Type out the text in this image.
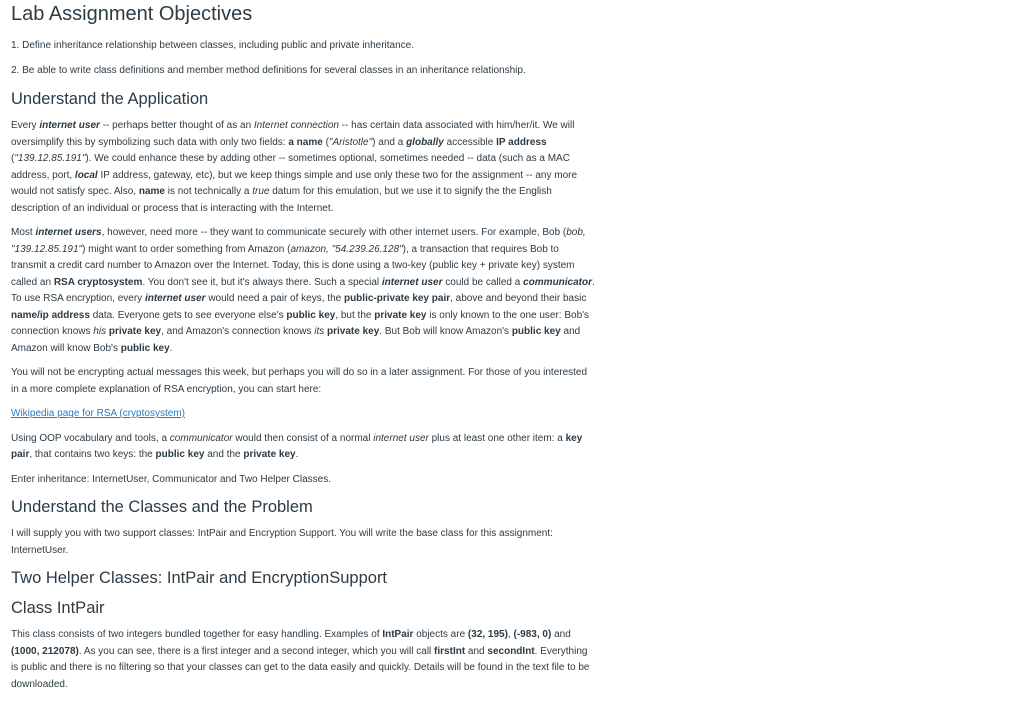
Lab Assignment Objectives

1. Define inheritance relationship between classes, including public and private inheritance.

2. Be able to write class definitions and member method definitions for several classes in an inheritance relationship.

Understand the Application

Every internet user -- perhaps better thought of as an Internet connection -- has certain data associated with him/her/it. We will oversimplify this by symbolizing such data with only two fields: a name ("Aristotle") and a globally accessible IP address ("139.12.85.191"). We could enhance these by adding other -- sometimes optional, sometimes needed -- data (such as a MAC address, port, local IP address, gateway, etc), but we keep things simple and use only these two for the assignment -- any more would not satisfy spec. Also, name is not technically a true datum for this emulation, but we use it to signify the the English description of an individual or process that is interacting with the Internet.

Most internet users, however, need more -- they want to communicate securely with other internet users. For example, Bob (bob, "139.12.85.191") might want to order something from Amazon (amazon, "54.239.26.128"), a transaction that requires Bob to transmit a credit card number to Amazon over the Internet. Today, this is done using a two-key (public key + private key) system called an RSA cryptosystem. You don't see it, but it's always there. Such a special internet user could be called a communicator. To use RSA encryption, every internet user would need a pair of keys, the public-private key pair, above and beyond their basic name/ip address data. Everyone gets to see everyone else's public key, but the private key is only known to the one user: Bob's connection knows his private key, and Amazon's connection knows its private key. But Bob will know Amazon's public key and Amazon will know Bob's public key.

You will not be encrypting actual messages this week, but perhaps you will do so in a later assignment. For those of you interested in a more complete explanation of RSA encryption, you can start here:

Wikipedia page for RSA (cryptosystem)

Using OOP vocabulary and tools, a communicator would then consist of a normal internet user plus at least one other item: a key pair, that contains two keys: the public key and the private key.

Enter inheritance: InternetUser, Communicator and Two Helper Classes.

Understand the Classes and the Problem

I will supply you with two support classes: IntPair and Encryption Support. You will write the base class for this assignment: InternetUser.

Two Helper Classes: IntPair and EncryptionSupport
Class IntPair

This class consists of two integers bundled together for easy handling. Examples of IntPair objects are (32, 195), (-983, 0) and (1000, 212078). As you can see, there is a first integer and a second integer, which you will call firstInt and secondInt. Everything is public and there is no filtering so that your classes can get to the data easily and quickly. Details will be found in the text file to be downloaded.
